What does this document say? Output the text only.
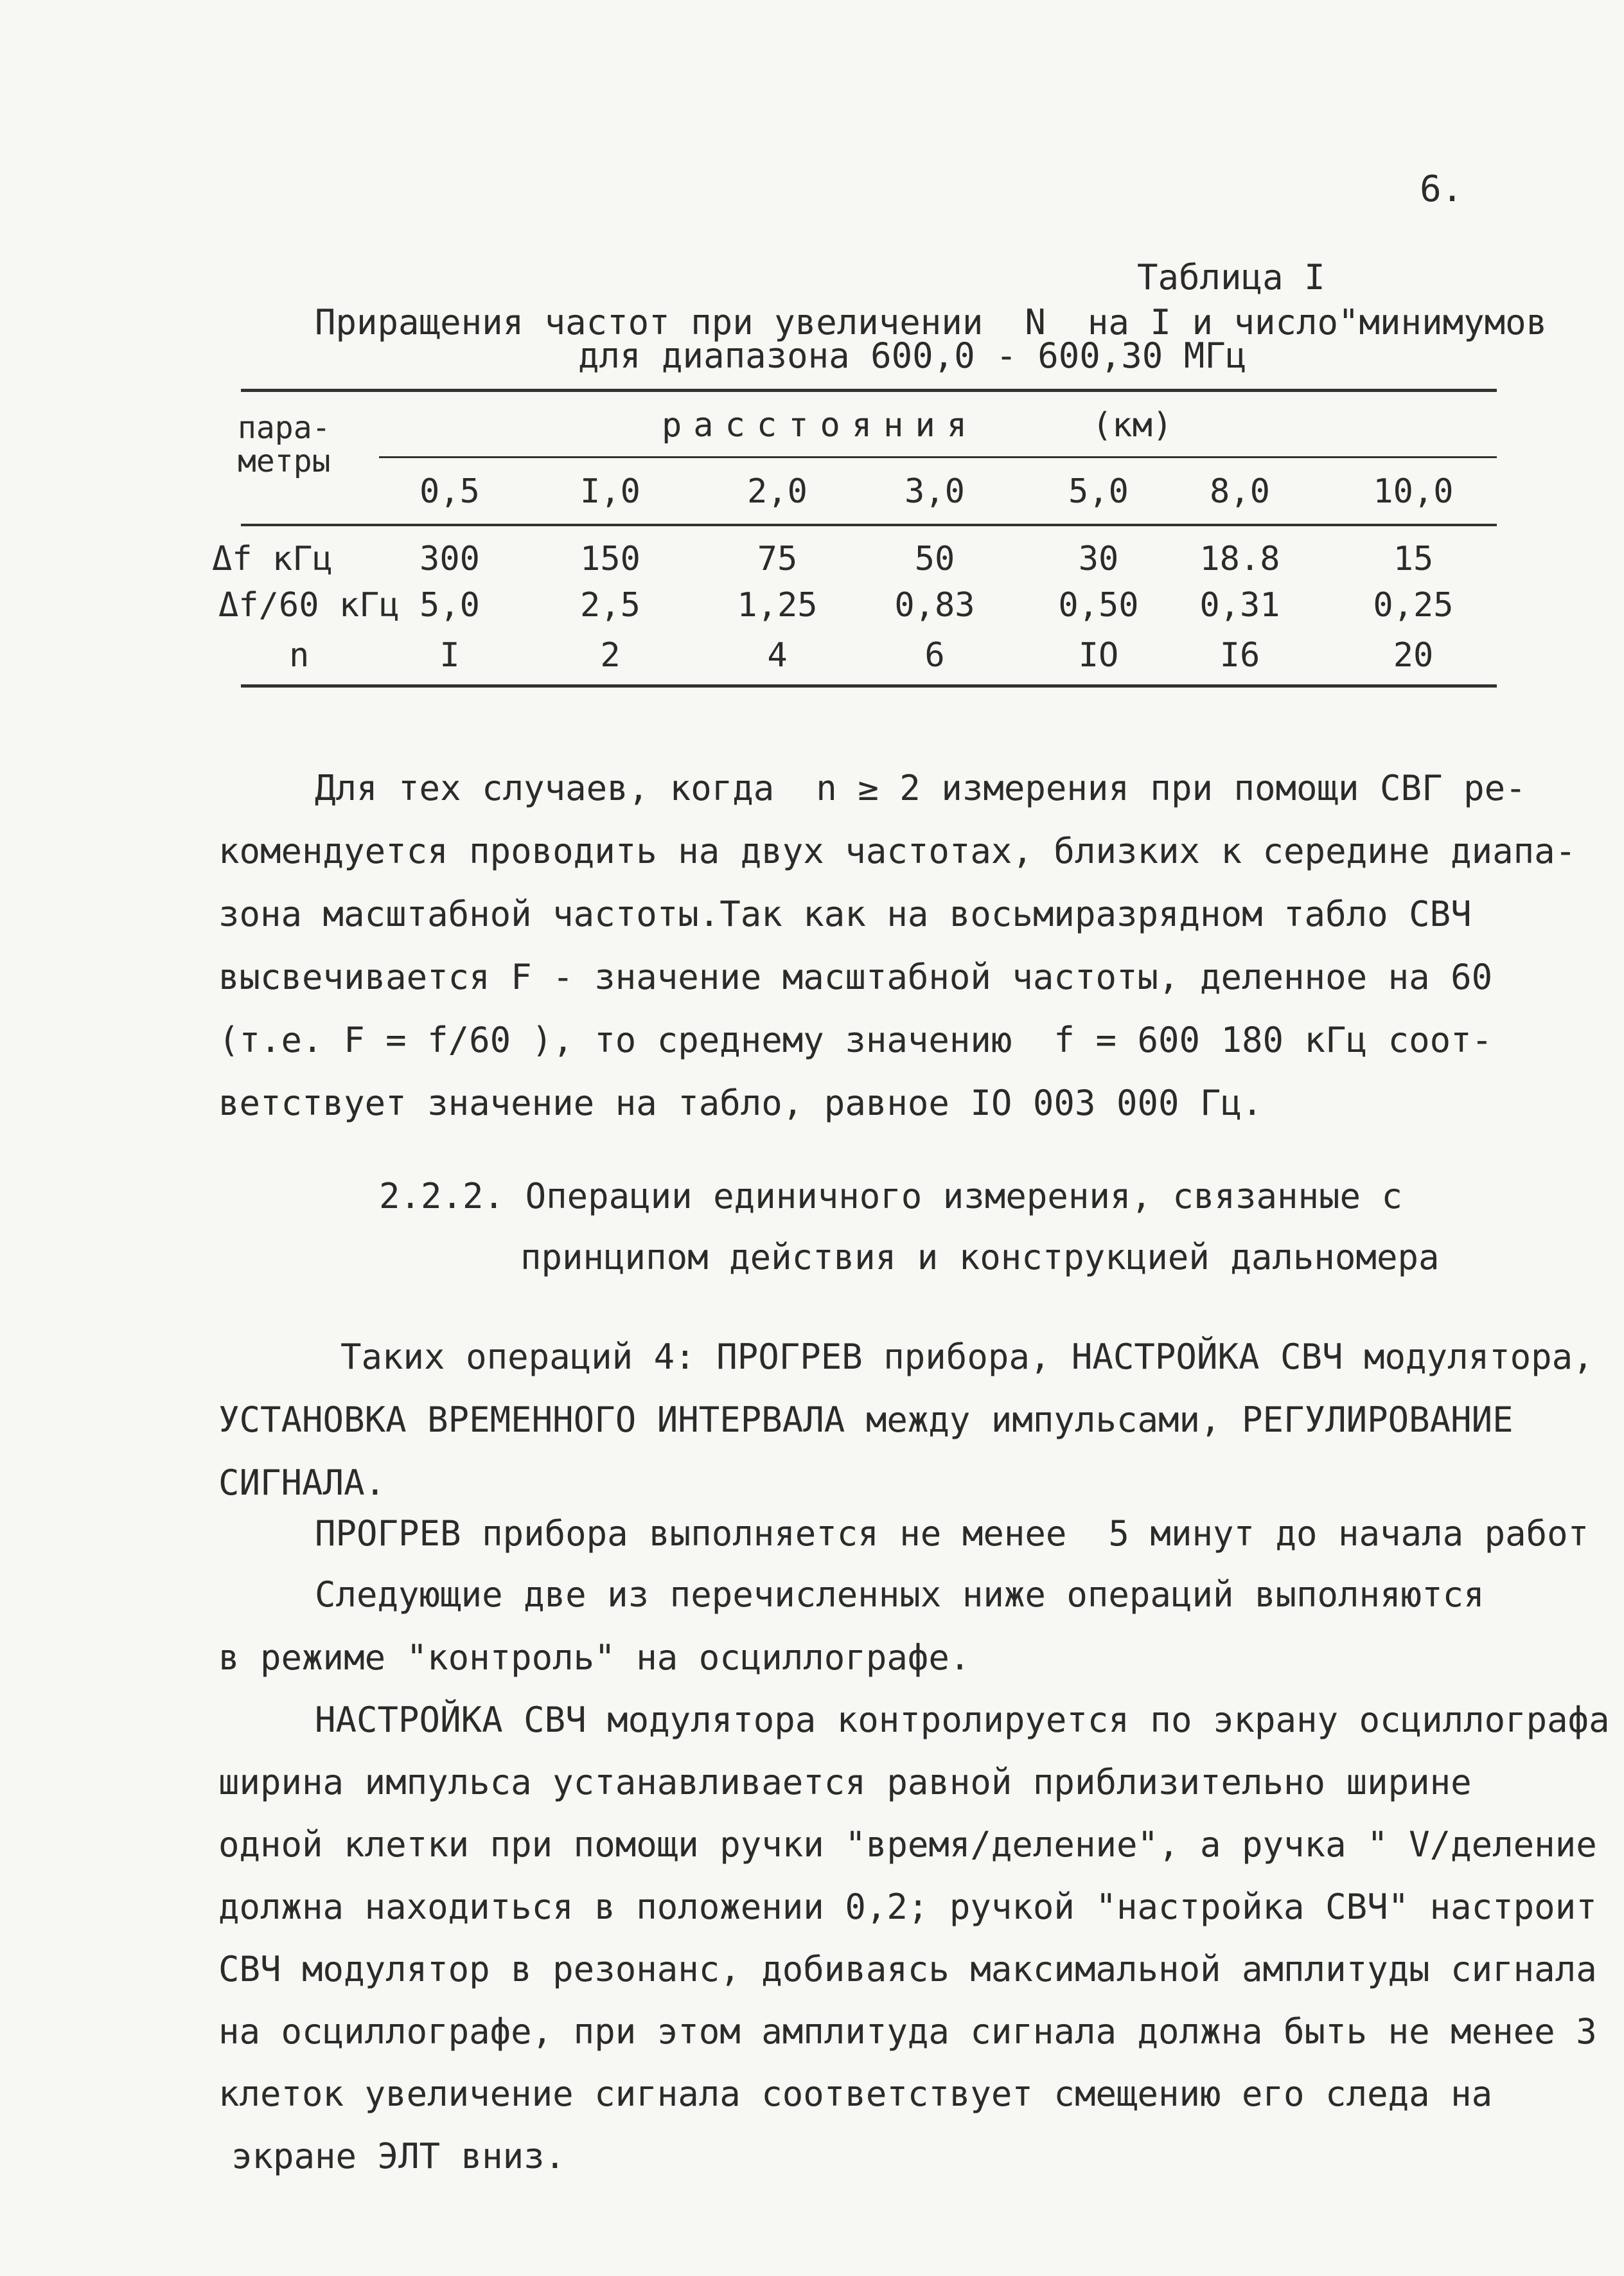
6.
Таблица I
Приращения частот при увеличении  N  на I и число"минимумов
для диапазона 600,0 - 600,30 МГц
пара-
метры
расстояния	(км)
0,5	I,0	2,0	3,0	5,0	8,0	10,0
Δf кГц	300	150	75	50	30	18.8	15
Δf/60 кГц 5,0	2,5	1,25	0,83	0,50	0,31	0,25
n	I	2	4	6	IO	I6	20
Для тех случаев, когда  n ≥ 2 измерения при помощи СВГ ре-
комендуется проводить на двух частотах, близких к середине диапа-
зона масштабной частоты.Так как на восьмиразрядном табло СВЧ
высвечивается F - значение масштабной частоты, деленное на 60
(т.е. F = f/60 ), то среднему значению  f = 600 180 кГц соот-
ветствует значение на табло, равное IO 003 000 Гц.
2.2.2. Операции единичного измерения, связанные с
принципом действия и конструкцией дальномера
Таких операций 4: ПРОГРЕВ прибора, НАСТРОЙКА СВЧ модулятора,
УСТАНОВКА ВРЕМЕННОГО ИНТЕРВАЛА между импульсами, РЕГУЛИРОВАНИЕ
СИГНАЛА.
ПРОГРЕВ прибора выполняется не менее  5 минут до начала работ
Следующие две из перечисленных ниже операций выполняются
в режиме "контроль" на осциллографе.
НАСТРОЙКА СВЧ модулятора контролируется по экрану осциллографа
ширина импульса устанавливается равной приблизительно ширине
одной клетки при помощи ручки "время/деление", а ручка " V/деление
должна находиться в положении 0,2; ручкой "настройка СВЧ" настроит
СВЧ модулятор в резонанс, добиваясь максимальной амплитуды сигнала
на осциллографе, при этом амплитуда сигнала должна быть не менее 3
клеток увеличение сигнала соответствует смещению его следа на
экране ЭЛТ вниз.
